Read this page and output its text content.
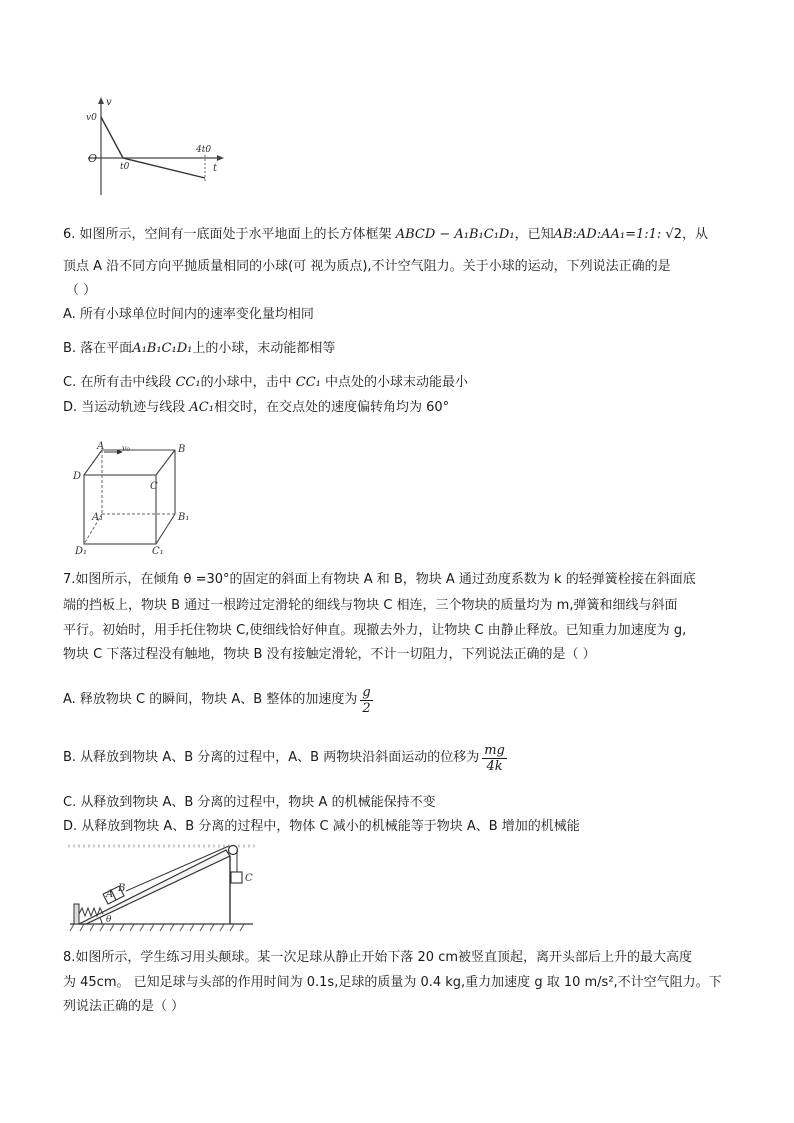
v
v0
O
t0
4t0
t
6. 如图所示，空间有一底面处于水平地面上的长方体框架 ABCD − A₁B₁C₁D₁，已知AB:AD:AA₁=1:1: √2，从
顶点 A 沿不同方向平抛质量相同的小球(可 视为质点),不计空气阻力。关于小球的运动，下列说法正确的是
（ ）
A. 所有小球单位时间内的速率变化量均相同
B. 落在平面A₁B₁C₁D₁上的小球，末动能都相等
C. 在所有击中线段 CC₁的小球中，击中 CC₁ 中点处的小球末动能最小
D. 当运动轨迹与线段 AC₁相交时，在交点处的速度偏转角均为 60°
A v₀	B
D
C
A₁	B₁
D₁	C₁
7.如图所示，在倾角 θ =30°的固定的斜面上有物块 A 和 B，物块 A 通过劲度系数为 k 的轻弹簧栓接在斜面底
端的挡板上，物块 B 通过一根跨过定滑轮的细线与物块 C 相连，三个物块的质量均为 m,弹簧和细线与斜面
平行。初始时，用手托住物块 C,使细线恰好伸直。现撤去外力，让物块 C 由静止释放。已知重力加速度为 g,
物块 C 下落过程没有触地，物块 B 没有接触定滑轮，不计一切阻力，下列说法正确的是（ ）
A. 释放物块 C 的瞬间，物块 A、B 整体的加速度为 $\frac{g}{2}$
B. 从释放到物块 A、B 分离的过程中，A、B 两物块沿斜面运动的位移为 $\frac{mg}{4k}$
C. 从释放到物块 A、B 分离的过程中，物块 A 的机械能保持不变
D. 从释放到物块 A、B 分离的过程中，物体 C 减小的机械能等于物块 A、B 增加的机械能
A
B
C
θ
8.如图所示，学生练习用头颠球。某一次足球从静止开始下落 20 cm被竖直顶起，离开头部后上升的最大高度
为 45cm。 已知足球与头部的作用时间为 0.1s,足球的质量为 0.4 kg,重力加速度 g 取 10 m/s²,不计空气阻力。下
列说法正确的是（ ）
